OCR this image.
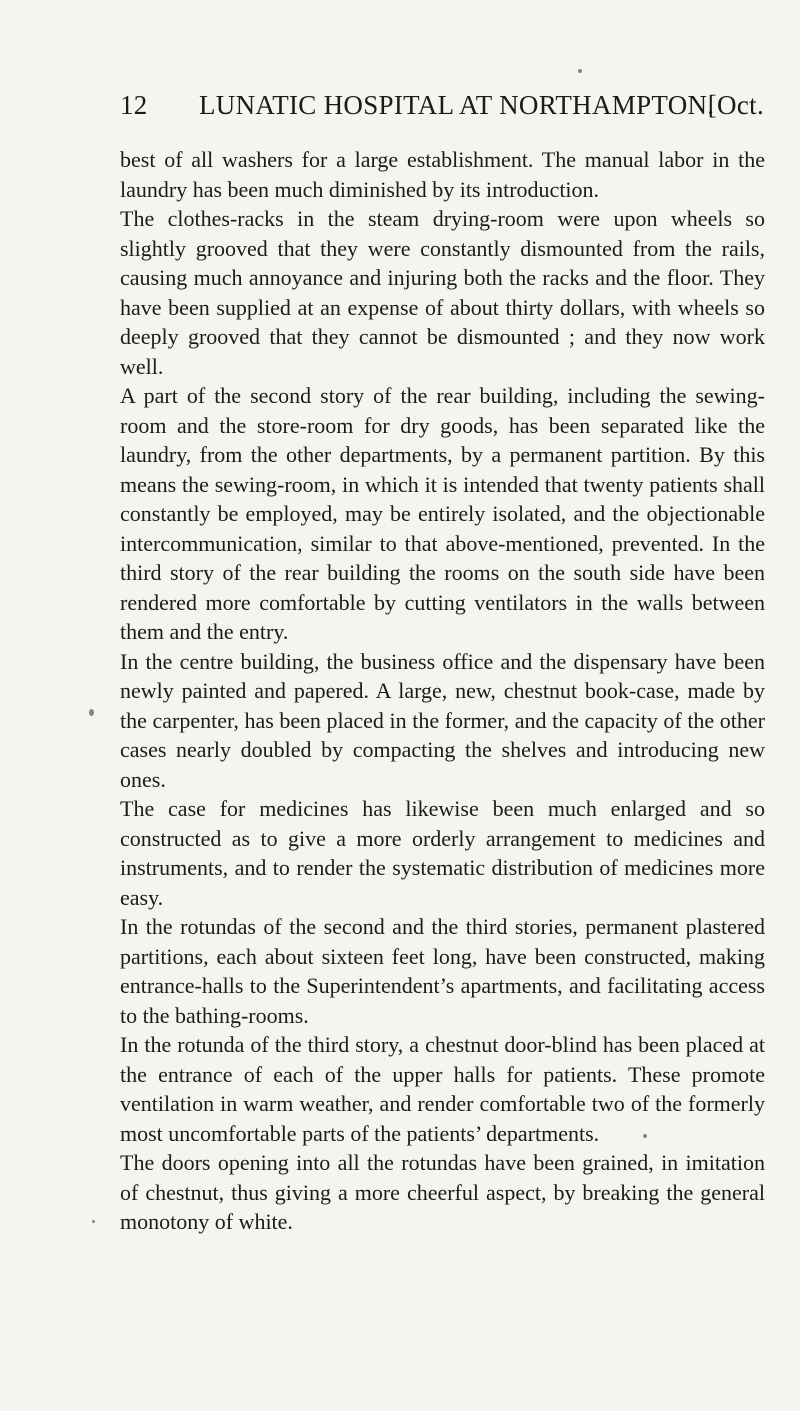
12 LUNATIC HOSPITAL AT NORTHAMPTON.
[Oct.

best of all washers for a large establishment. The manual labor in the laundry has been much diminished by its introduction.

The clothes-racks in the steam drying-room were upon wheels so slightly grooved that they were constantly dismounted from the rails, causing much annoyance and injuring both the racks and the floor. They have been supplied at an expense of about thirty dollars, with wheels so deeply grooved that they cannot be dismounted ; and they now work well.

A part of the second story of the rear building, including the sewing-room and the store-room for dry goods, has been separated like the laundry, from the other departments, by a permanent partition. By this means the sewing-room, in which it is intended that twenty patients shall constantly be employed, may be entirely isolated, and the objectionable intercommunication, similar to that above-mentioned, prevented. In the third story of the rear building the rooms on the south side have been rendered more comfortable by cutting ventilators in the walls between them and the entry.

In the centre building, the business office and the dispensary have been newly painted and papered. A large, new, chestnut book-case, made by the carpenter, has been placed in the former, and the capacity of the other cases nearly doubled by compacting the shelves and introducing new ones.

The case for medicines has likewise been much enlarged and so constructed as to give a more orderly arrangement to medicines and instruments, and to render the systematic distribution of medicines more easy.

In the rotundas of the second and the third stories, permanent plastered partitions, each about sixteen feet long, have been constructed, making entrance-halls to the Superintendent’s apartments, and facilitating access to the bathing-rooms.

In the rotunda of the third story, a chestnut door-blind has been placed at the entrance of each of the upper halls for patients. These promote ventilation in warm weather, and render comfortable two of the formerly most uncomfortable parts of the patients’ departments.

The doors opening into all the rotundas have been grained, in imitation of chestnut, thus giving a more cheerful aspect, by breaking the general monotony of white.
